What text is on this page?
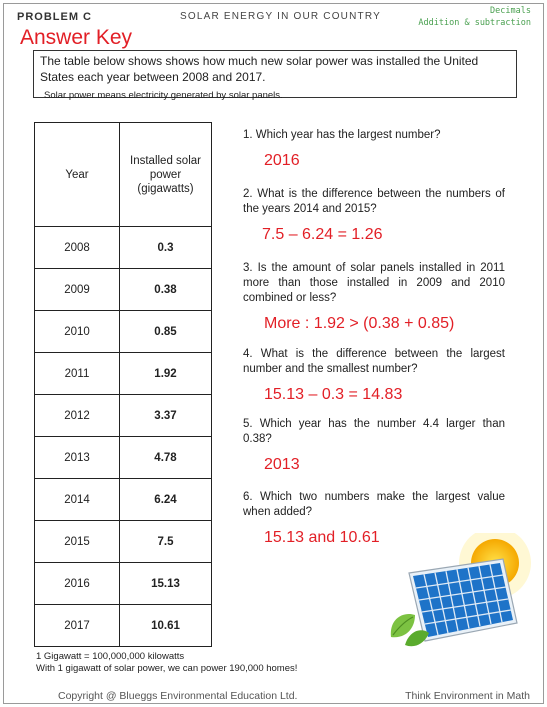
PROBLEM C	SOLAR ENERGY IN OUR COUNTRY	Decimals
Addition & subtraction
Answer Key

The table below shows shows how much new solar power was installed the United States each year between 2008 and 2017.

Solar power means electricity generated by solar panels.

Year	Installed solar power (gigawatts)

2008	0.3
2009	0.38
2010	0.85
2011	1.92
2012	3.37
2013	4.78
2014	6.24
2015	7.5
2016	15.13
2017	10.61
1. Which year has the largest number?
2016
2. What is the difference between the numbers of the years 2014 and 2015?
7.5 – 6.24 = 1.26
3. Is the amount of solar panels installed in 2011 more than those installed in 2009 and 2010 combined or less?
More : 1.92 > (0.38 + 0.85)
4. What is the difference between the largest number and the smallest number?
15.13 – 0.3 = 14.83
5. Which year has the number 4.4 larger than 0.38?
2013
6. Which two numbers make the largest value when added?
15.13 and 10.61
1 Gigawatt = 100,000,000 kilowatts
With 1 gigawatt of solar power, we can power 190,000 homes!
Copyright @ Blueggs Environmental Education Ltd.	Think Environment in Math
